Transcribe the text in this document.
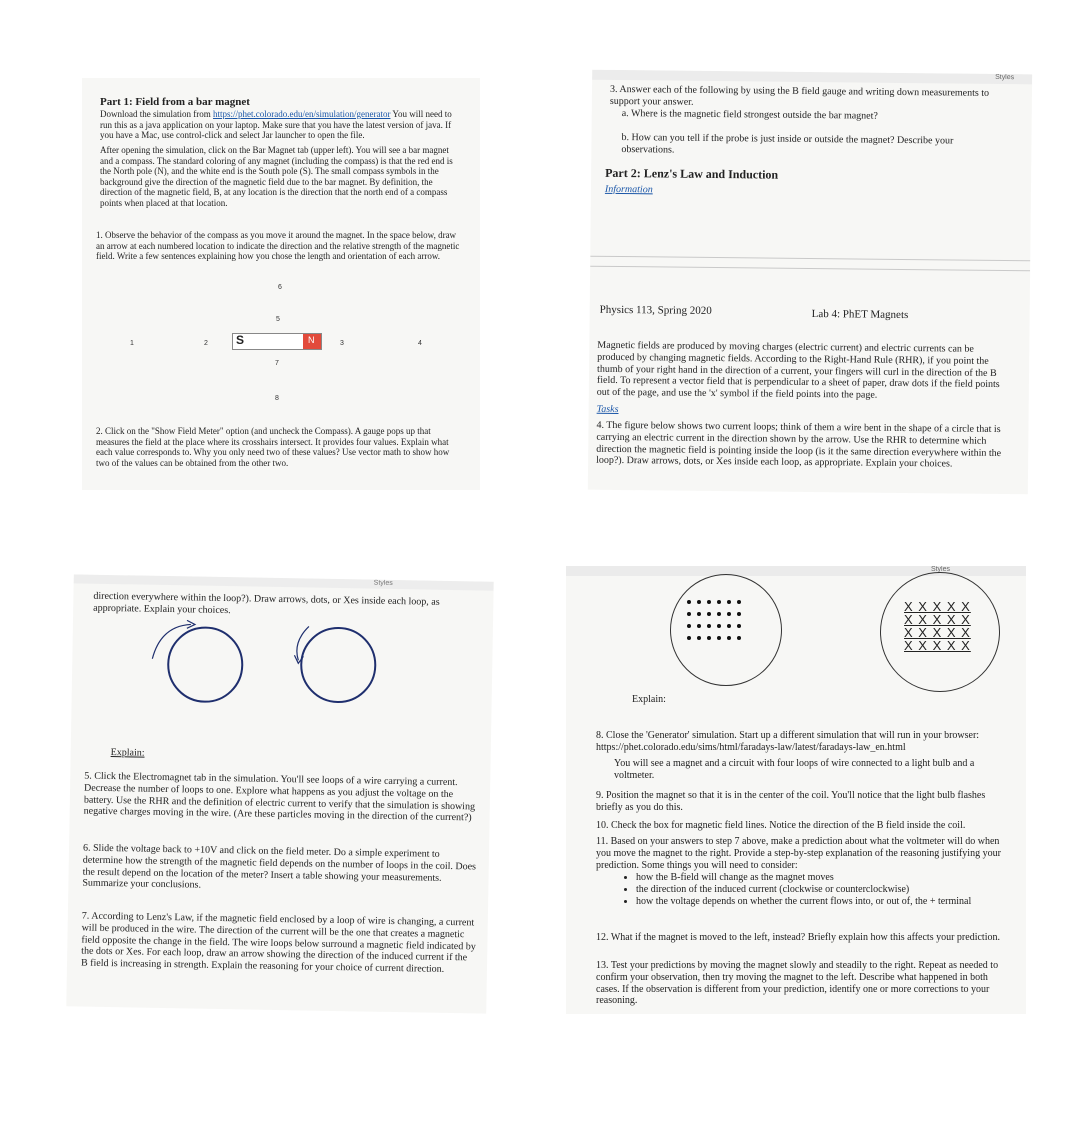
Part 1: Field from a bar magnet

Download the simulation from https://phet.colorado.edu/en/simulation/generator You will need to run this as a java application on your laptop. Make sure that you have the latest version of java. If you have a Mac, use control-click and select Jar launcher to open the file.

After opening the simulation, click on the Bar Magnet tab (upper left). You will see a bar magnet and a compass. The standard coloring of any magnet (including the compass) is that the red end is the North pole (N), and the white end is the South pole (S). The small compass symbols in the background give the direction of the magnetic field due to the bar magnet. By definition, the direction of the magnetic field, B, at any location is the direction that the north end of a compass points when placed at that location.

1. Observe the behavior of the compass as you move it around the magnet. In the space below, draw an arrow at each numbered location to indicate the direction and the relative strength of the magnetic field. Write a few sentences explaining how you chose the length and orientation of each arrow.

6
5
1	2 S	N	3	4
7
8

2. Click on the "Show Field Meter" option (and uncheck the Compass). A gauge pops up that measures the field at the place where its crosshairs intersect. It provides four values. Explain what each value corresponds to. Why you only need two of these values? Use vector math to show how two of the values can be obtained from the other two.

Styles

3. Answer each of the following by using the B field gauge and writing down measurements to support your answer.

a. Where is the magnetic field strongest outside the bar magnet?

b. How can you tell if the probe is just inside or outside the magnet? Describe your observations.

Part 2: Lenz's Law and Induction

Information

Physics 113, Spring 2020	Lab 4: PhET Magnets

Magnetic fields are produced by moving charges (electric current) and electric currents can be produced by changing magnetic fields. According to the Right-Hand Rule (RHR), if you point the thumb of your right hand in the direction of a current, your fingers will curl in the direction of the B field. To represent a vector field that is perpendicular to a sheet of paper, draw dots if the field points out of the page, and use the 'x' symbol if the field points into the page.

Tasks

4. The figure below shows two current loops; think of them a wire bent in the shape of a circle that is carrying an electric current in the direction shown by the arrow. Use the RHR to determine which direction the magnetic field is pointing inside the loop (is it the same direction everywhere within the loop?). Draw arrows, dots, or Xes inside each loop, as appropriate. Explain your choices.

Styles

direction everywhere within the loop?). Draw arrows, dots, or Xes inside each loop, as appropriate. Explain your choices.

Explain:

5. Click the Electromagnet tab in the simulation. You'll see loops of a wire carrying a current. Decrease the number of loops to one. Explore what happens as you adjust the voltage on the battery. Use the RHR and the definition of electric current to verify that the simulation is showing negative charges moving in the wire. (Are these particles moving in the direction of the current?)

6. Slide the voltage back to +10V and click on the field meter. Do a simple experiment to determine how the strength of the magnetic field depends on the number of loops in the coil. Does the result depend on the location of the meter? Insert a table showing your measurements. Summarize your conclusions.

7. According to Lenz's Law, if the magnetic field enclosed by a loop of wire is changing, a current will be produced in the wire. The direction of the current will be the one that creates a magnetic field opposite the change in the field. The wire loops below surround a magnetic field indicated by the dots or Xes. For each loop, draw an arrow showing the direction of the induced current if the B field is increasing in strength. Explain the reasoning for your choice of current direction.

Styles
X X X X X
X X X X X
X X X X X
X X X X X

Explain:

8. Close the 'Generator' simulation. Start up a different simulation that will run in your browser: https://phet.colorado.edu/sims/html/faradays-law/latest/faradays-law_en.html

You will see a magnet and a circuit with four loops of wire connected to a light bulb and a voltmeter.

9. Position the magnet so that it is in the center of the coil. You'll notice that the light bulb flashes briefly as you do this.

10. Check the box for magnetic field lines. Notice the direction of the B field inside the coil.

11. Based on your answers to step 7 above, make a prediction about what the voltmeter will do when you move the magnet to the right. Provide a step-by-step explanation of the reasoning justifying your prediction. Some things you will need to consider:

• how the B-field will change as the magnet moves
• the direction of the induced current (clockwise or counterclockwise)
• how the voltage depends on whether the current flows into, or out of, the + terminal

12. What if the magnet is moved to the left, instead? Briefly explain how this affects your prediction.

13. Test your predictions by moving the magnet slowly and steadily to the right. Repeat as needed to confirm your observation, then try moving the magnet to the left. Describe what happened in both cases. If the observation is different from your prediction, identify one or more corrections to your reasoning.
